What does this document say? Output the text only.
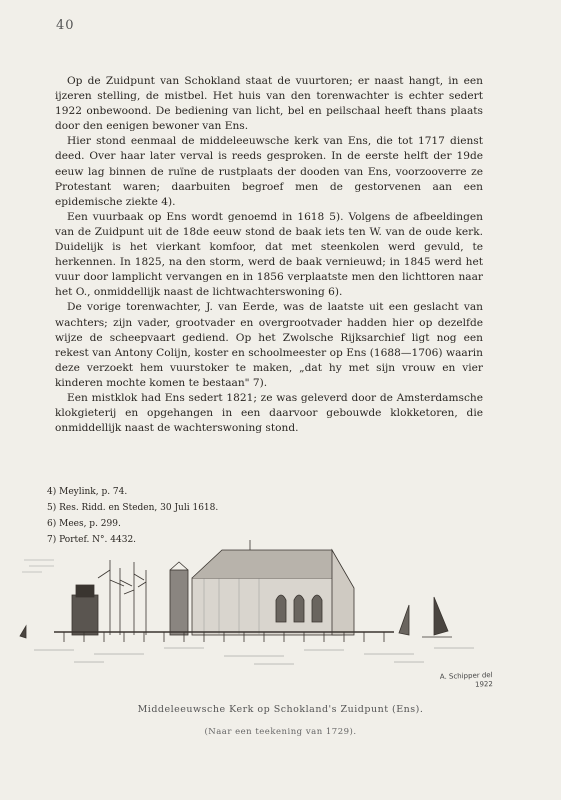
40

Op de Zuidpunt van Schokland staat de vuurtoren; er naast hangt, in een ijzeren stelling, de mistbel. Het huis van den torenwachter is echter sedert 1922 onbewoond. De bediening van licht, bel en peilschaal heeft thans plaats door den eenigen bewoner van Ens.

Hier stond eenmaal de middeleeuwsche kerk van Ens, die tot 1717 dienst deed. Over haar later verval is reeds gesproken. In de eerste helft der 19de eeuw lag binnen de ruïne de rustplaats der dooden van Ens, voorzooverre ze Protestant waren; daarbuiten begroef men de gestorvenen aan een epidemische ziekte 4).

Een vuurbaak op Ens wordt genoemd in 1618 5). Volgens de afbeeldingen van de Zuidpunt uit de 18de eeuw stond de baak iets ten W. van de oude kerk. Duidelijk is het vierkant komfoor, dat met steenkolen werd gevuld, te herkennen. In 1825, na den storm, werd de baak vernieuwd; in 1845 werd het vuur door lamplicht vervangen en in 1856 verplaatste men den lichttoren naar het O., onmiddellijk naast de lichtwachterswoning 6).

De vorige torenwachter, J. van Eerde, was de laatste uit een geslacht van wachters; zijn vader, grootvader en overgrootvader hadden hier op dezelfde wijze de scheepvaart gediend. Op het Zwolsche Rijksarchief ligt nog een rekest van Antony Colijn, koster en schoolmeester op Ens (1688—1706) waarin deze verzoekt hem vuurstoker te maken, „dat hy met sijn vrouw en vier kinderen mochte komen te bestaan" 7).

Een mistklok had Ens sedert 1821; ze was geleverd door de Amsterdamsche klokgieterij en opgehangen in een daarvoor gebouwde klokketoren, die onmiddellijk naast de wachterswoning stond.

4) Meylink, p. 74.
5) Res. Ridd. en Steden, 30 Juli 1618.
6) Mees, p. 299.
7) Portef. N°. 4432.
A. Schipper del
1922
Middeleeuwsche Kerk op Schokland's Zuidpunt (Ens).
(Naar een teekening van 1729).
